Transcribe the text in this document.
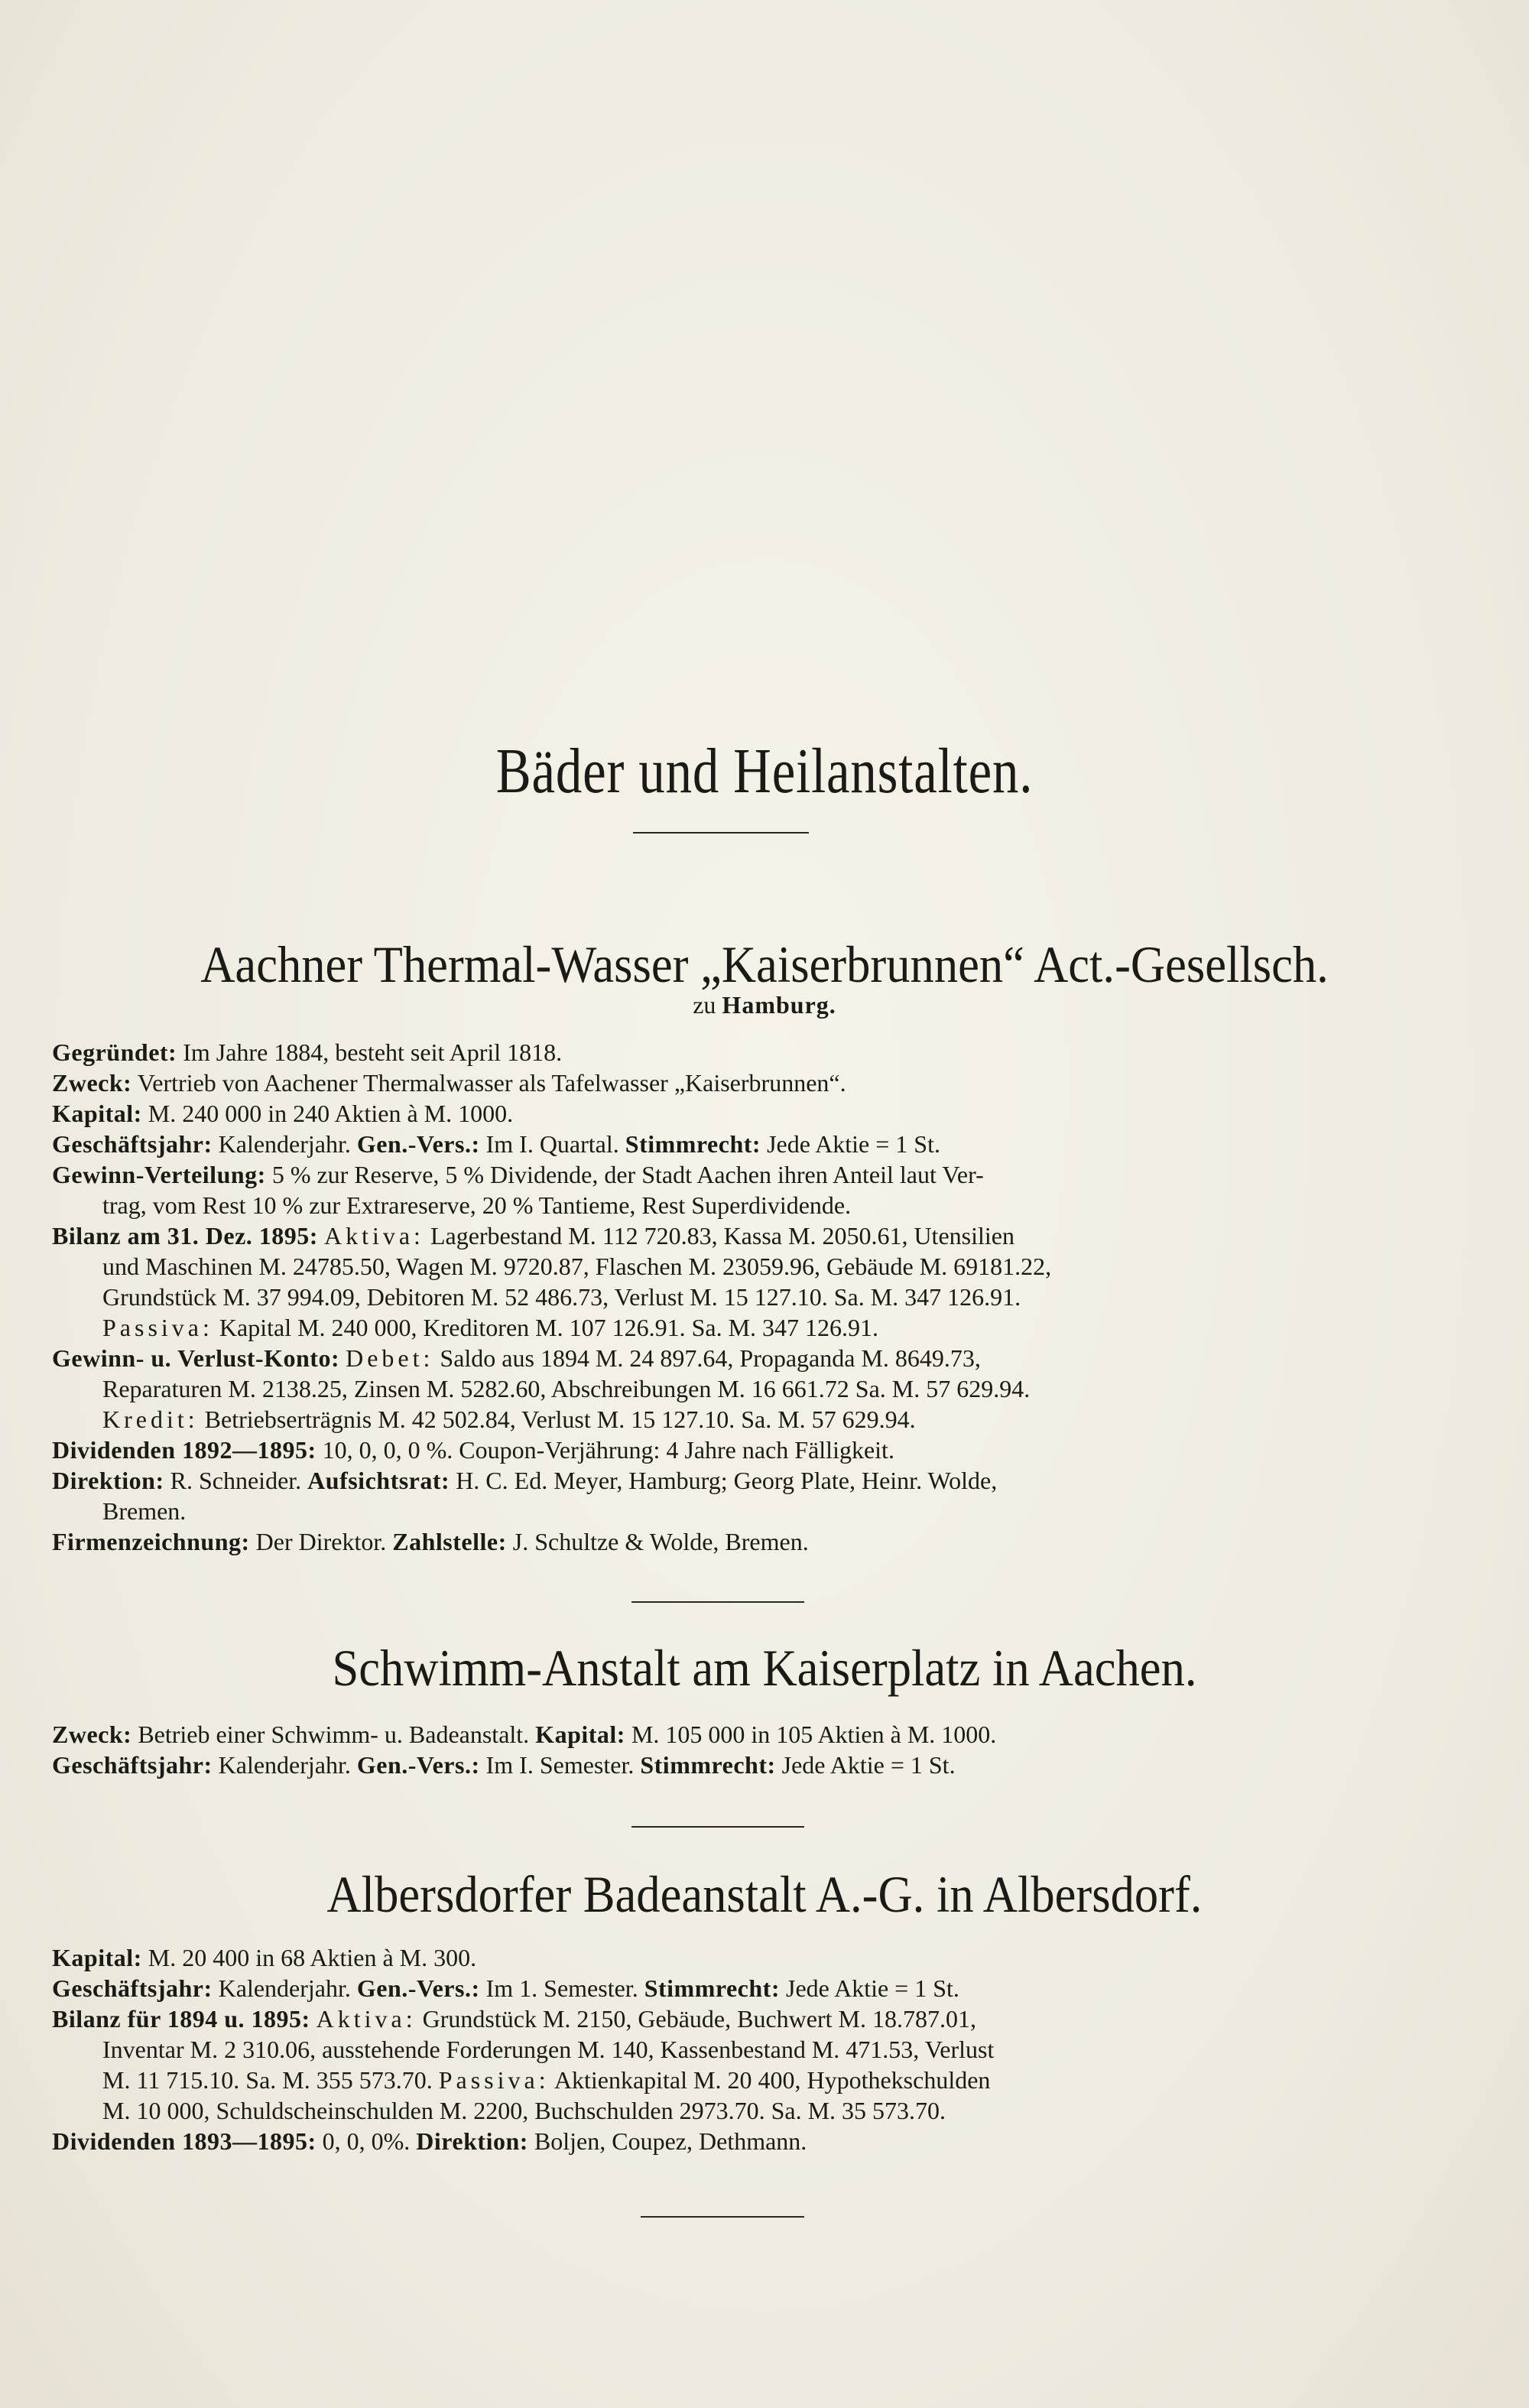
Bäder und Heilanstalten.
Aachner Thermal-Wasser „Kaiserbrunnen“ Act.-Gesellsch.
zu Hamburg.
Gegründet: Im Jahre 1884, besteht seit April 1818.
Zweck: Vertrieb von Aachener Thermalwasser als Tafelwasser „Kaiserbrunnen“.
Kapital: M. 240 000 in 240 Aktien à M. 1000.
Geschäftsjahr: Kalenderjahr. Gen.-Vers.: Im I. Quartal. Stimmrecht: Jede Aktie = 1 St.
Gewinn-Verteilung: 5 % zur Reserve, 5 % Dividende, der Stadt Aachen ihren Anteil laut Ver-
trag, vom Rest 10 % zur Extrareserve, 20 % Tantieme, Rest Superdividende.
Bilanz am 31. Dez. 1895: Aktiva: Lagerbestand M. 112 720.83, Kassa M. 2050.61, Utensilien
und Maschinen M. 24785.50, Wagen M. 9720.87, Flaschen M. 23059.96, Gebäude M. 69181.22,
Grundstück M. 37 994.09, Debitoren M. 52 486.73, Verlust M. 15 127.10. Sa. M. 347 126.91.
Passiva: Kapital M. 240 000, Kreditoren M. 107 126.91. Sa. M. 347 126.91.
Gewinn- u. Verlust-Konto: Debet: Saldo aus 1894 M. 24 897.64, Propaganda M. 8649.73,
Reparaturen M. 2138.25, Zinsen M. 5282.60, Abschreibungen M. 16 661.72 Sa. M. 57 629.94.
Kredit: Betriebserträgnis M. 42 502.84, Verlust M. 15 127.10. Sa. M. 57 629.94.
Dividenden 1892—1895: 10, 0, 0, 0 %. Coupon-Verjährung: 4 Jahre nach Fälligkeit.
Direktion: R. Schneider. Aufsichtsrat: H. C. Ed. Meyer, Hamburg; Georg Plate, Heinr. Wolde,
Bremen.
Firmenzeichnung: Der Direktor. Zahlstelle: J. Schultze & Wolde, Bremen.
Schwimm-Anstalt am Kaiserplatz in Aachen.
Zweck: Betrieb einer Schwimm- u. Badeanstalt. Kapital: M. 105 000 in 105 Aktien à M. 1000.
Geschäftsjahr: Kalenderjahr. Gen.-Vers.: Im I. Semester. Stimmrecht: Jede Aktie = 1 St.
Albersdorfer Badeanstalt A.-G. in Albersdorf.
Kapital: M. 20 400 in 68 Aktien à M. 300.
Geschäftsjahr: Kalenderjahr. Gen.-Vers.: Im 1. Semester. Stimmrecht: Jede Aktie = 1 St.
Bilanz für 1894 u. 1895: Aktiva: Grundstück M. 2150, Gebäude, Buchwert M. 18.787.01,
Inventar M. 2 310.06, ausstehende Forderungen M. 140, Kassenbestand M. 471.53, Verlust
M. 11 715.10. Sa. M. 355 573.70. Passiva: Aktienkapital M. 20 400, Hypothekschulden
M. 10 000, Schuldscheinschulden M. 2200, Buchschulden 2973.70. Sa. M. 35 573.70.
Dividenden 1893—1895: 0, 0, 0%. Direktion: Boljen, Coupez, Dethmann.
